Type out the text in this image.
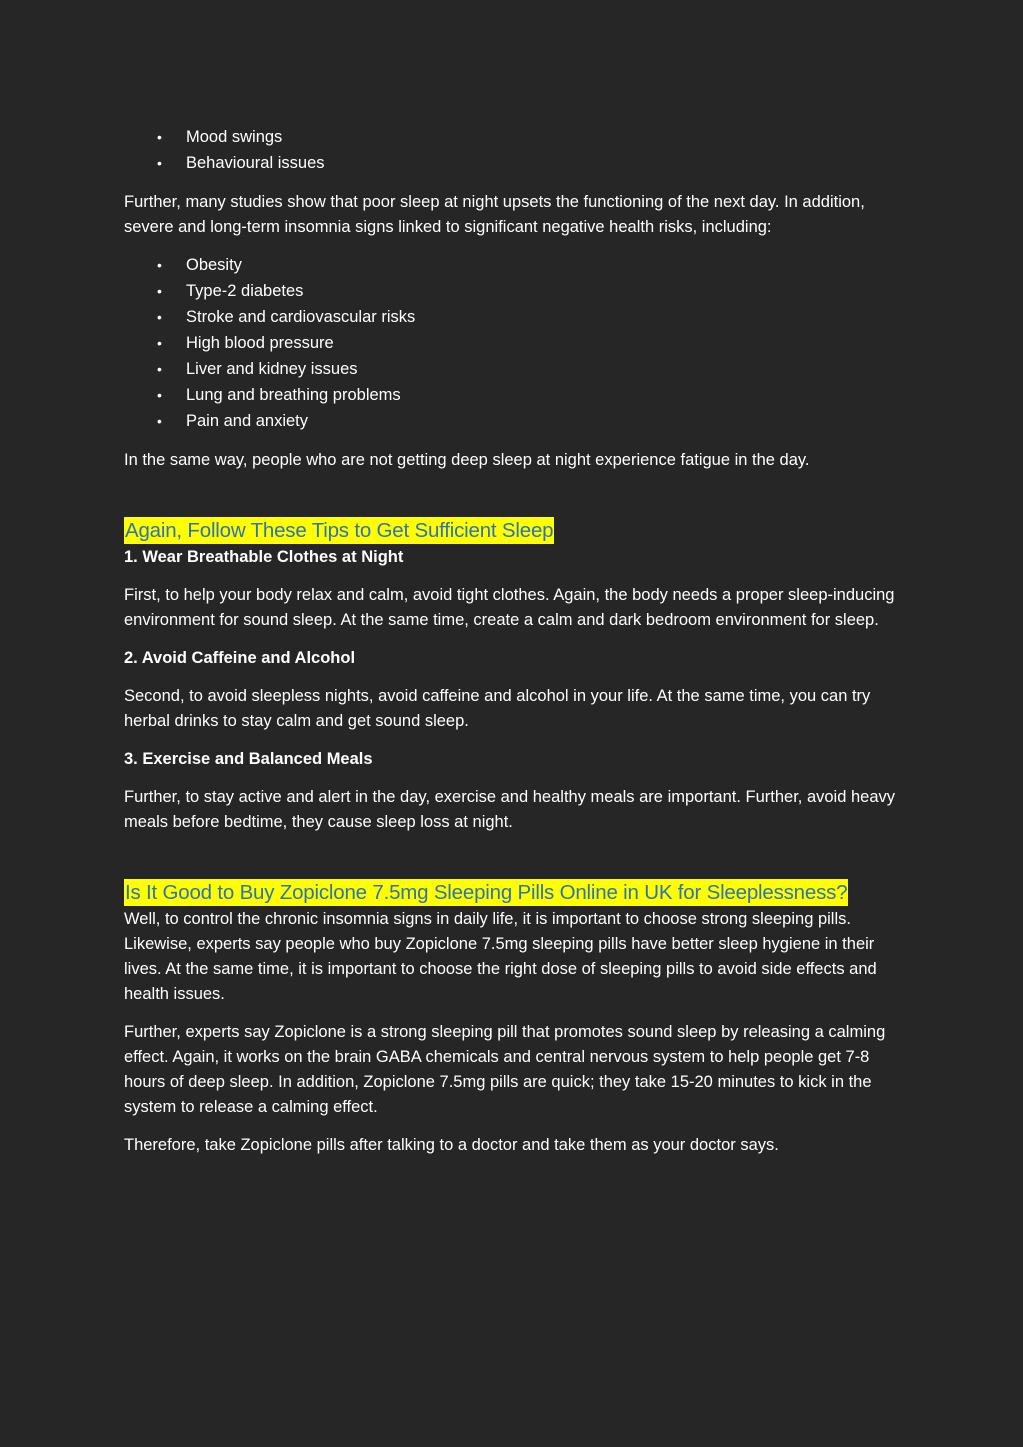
• Mood swings
• Behavioural issues

Further, many studies show that poor sleep at night upsets the functioning of the next day. In addition, severe and long-term insomnia signs linked to significant negative health risks, including:

• Obesity
• Type-2 diabetes
• Stroke and cardiovascular risks
• High blood pressure
• Liver and kidney issues
• Lung and breathing problems
• Pain and anxiety

In the same way, people who are not getting deep sleep at night experience fatigue in the day.

Again, Follow These Tips to Get Sufficient Sleep

1. Wear Breathable Clothes at Night

First, to help your body relax and calm, avoid tight clothes. Again, the body needs a proper sleep-inducing environment for sound sleep. At the same time, create a calm and dark bedroom environment for sleep.

2. Avoid Caffeine and Alcohol

Second, to avoid sleepless nights, avoid caffeine and alcohol in your life. At the same time, you can try herbal drinks to stay calm and get sound sleep.

3. Exercise and Balanced Meals

Further, to stay active and alert in the day, exercise and healthy meals are important. Further, avoid heavy meals before bedtime, they cause sleep loss at night.

Is It Good to Buy Zopiclone 7.5mg Sleeping Pills Online in UK for Sleeplessness?

Well, to control the chronic insomnia signs in daily life, it is important to choose strong sleeping pills. Likewise, experts say people who buy Zopiclone 7.5mg sleeping pills have better sleep hygiene in their lives. At the same time, it is important to choose the right dose of sleeping pills to avoid side effects and health issues.

Further, experts say Zopiclone is a strong sleeping pill that promotes sound sleep by releasing a calming effect. Again, it works on the brain GABA chemicals and central nervous system to help people get 7-8 hours of deep sleep. In addition, Zopiclone 7.5mg pills are quick; they take 15-20 minutes to kick in the system to release a calming effect.

Therefore, take Zopiclone pills after talking to a doctor and take them as your doctor says.
